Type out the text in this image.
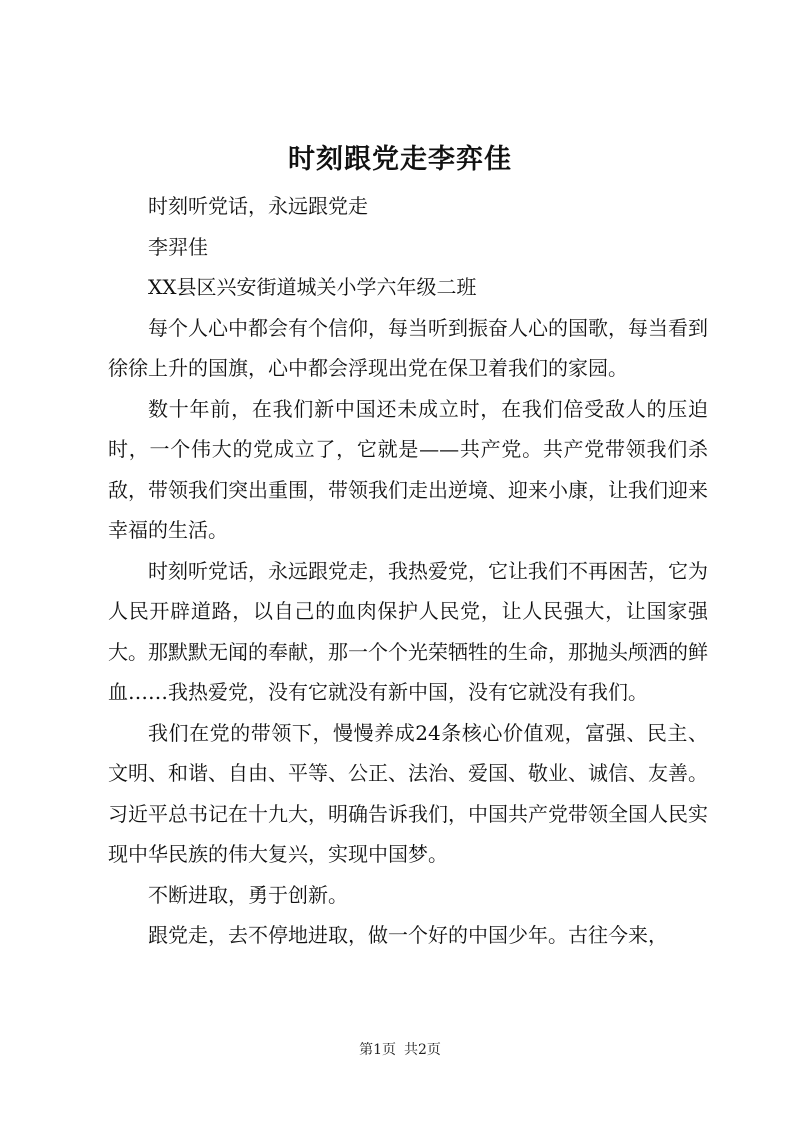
时刻跟党走李弈佳

时刻听党话，永远跟党走

李羿佳

XX县区兴安街道城关小学六年级二班

每个人心中都会有个信仰，每当听到振奋人心的国歌，每当看到徐徐上升的国旗，心中都会浮现出党在保卫着我们的家园。

数十年前，在我们新中国还未成立时，在我们倍受敌人的压迫时，一个伟大的党成立了，它就是——共产党。共产党带领我们杀敌，带领我们突出重围，带领我们走出逆境、迎来小康，让我们迎来幸福的生活。

时刻听党话，永远跟党走，我热爱党，它让我们不再困苦，它为人民开辟道路，以自己的血肉保护人民党，让人民强大，让国家强大。那默默无闻的奉献，那一个个光荣牺牲的生命，那抛头颅洒的鲜血……我热爱党，没有它就没有新中国，没有它就没有我们。

我们在党的带领下，慢慢养成24条核心价值观，富强、民主、文明、和谐、自由、平等、公正、法治、爱国、敬业、诚信、友善。习近平总书记在十九大，明确告诉我们，中国共产党带领全国人民实现中华民族的伟大复兴，实现中国梦。

不断进取，勇于创新。

跟党走，去不停地进取，做一个好的中国少年。古往今来，

第1页 共2页
